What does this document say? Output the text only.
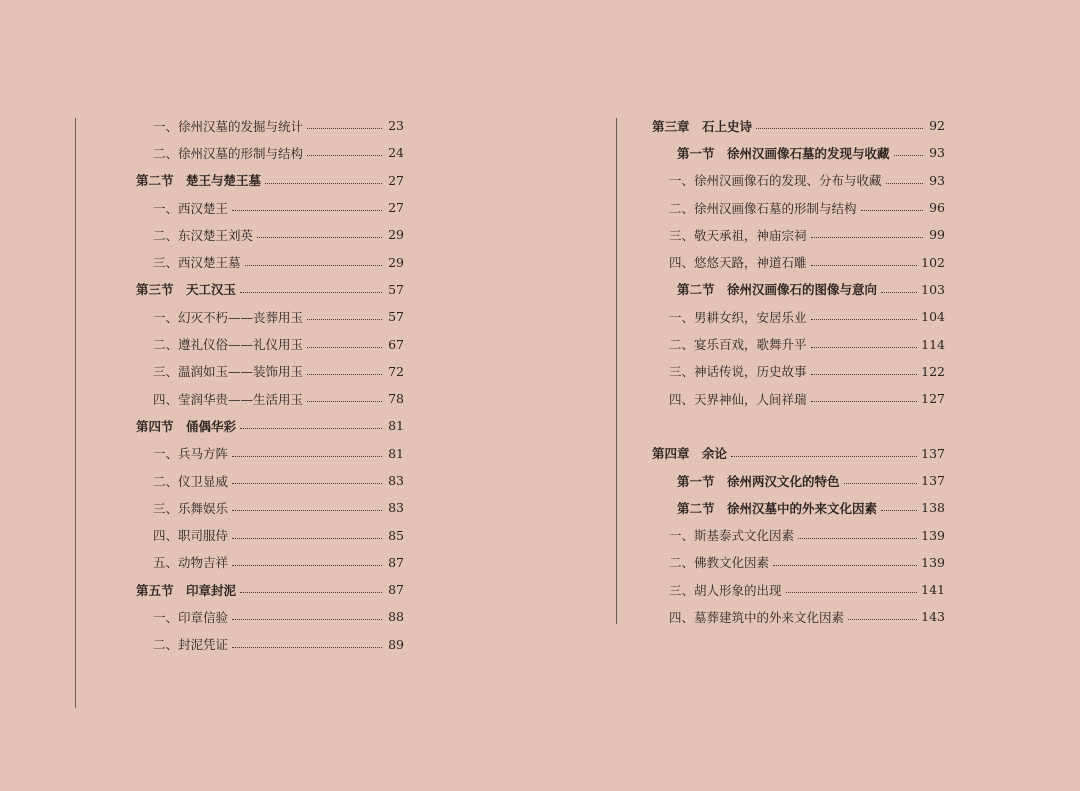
一、徐州汉墓的发掘与统计	23
二、徐州汉墓的形制与结构	24
第二节　楚王与楚王墓	27
一、西汉楚王	27
二、东汉楚王刘英	29
三、西汉楚王墓	29
第三节　天工汉玉	57
一、幻灭不朽——丧葬用玉	57
二、遵礼仪俗——礼仪用玉	67
三、温润如玉——装饰用玉	72
四、莹润华贵——生活用玉	78
第四节　俑偶华彩	81
一、兵马方阵	81
二、仪卫显威	83
三、乐舞娱乐	83
四、职司服侍	85
五、动物吉祥	87
第五节　印章封泥	87
一、印章信验	88
二、封泥凭证	89
第三章　石上史诗	92
第一节　徐州汉画像石墓的发现与收藏	93
一、徐州汉画像石的发现、分布与收藏	93
二、徐州汉画像石墓的形制与结构	96
三、敬天承祖，神庙宗祠	99
四、悠悠天路，神道石雕	102
第二节　徐州汉画像石的图像与意向	103
一、男耕女织，安居乐业	104
二、宴乐百戏，歌舞升平	114
三、神话传说，历史故事	122
四、天界神仙，人间祥瑞	127
第四章　余论	137
第一节　徐州两汉文化的特色	137
第二节　徐州汉墓中的外来文化因素	138
一、斯基泰式文化因素	139
二、佛教文化因素	139
三、胡人形象的出现	141
四、墓葬建筑中的外来文化因素	143
